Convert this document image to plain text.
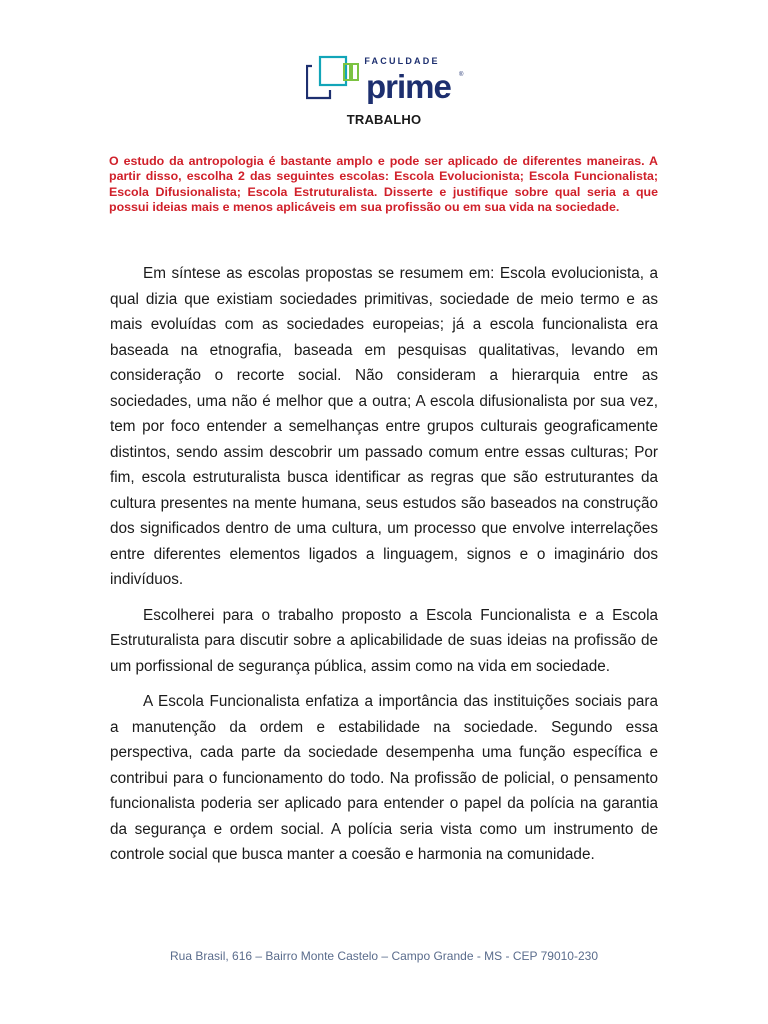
FACULDADE
prime ®
TRABALHO
O estudo da antropologia é bastante amplo e pode ser aplicado de diferentes maneiras. A partir disso, escolha 2 das seguintes escolas: Escola Evolucionista; Escola Funcionalista; Escola Difusionalista; Escola Estruturalista. Disserte e justifique sobre qual seria a que possui ideias mais e menos aplicáveis em sua profissão ou em sua vida na sociedade.

Em síntese as escolas propostas se resumem em: Escola evolucionista, a qual dizia que existiam sociedades primitivas, sociedade de meio termo e as mais evoluídas com as sociedades europeias; já a escola funcionalista era baseada na etnografia, baseada em pesquisas qualitativas, levando em consideração o recorte social. Não consideram a hierarquia entre as sociedades, uma não é melhor que a outra; A escola difusionalista por sua vez, tem por foco entender a semelhanças entre grupos culturais geograficamente distintos, sendo assim descobrir um passado comum entre essas culturas; Por fim, escola estruturalista busca identificar as regras que são estruturantes da cultura presentes na mente humana, seus estudos são baseados na construção dos significados dentro de uma cultura, um processo que envolve interrelações entre diferentes elementos ligados a linguagem, signos e o imaginário dos indivíduos.

Escolherei para o trabalho proposto a Escola Funcionalista e a Escola Estruturalista para discutir sobre a aplicabilidade de suas ideias na profissão de um porfissional de segurança pública, assim como na vida em sociedade.

A Escola Funcionalista enfatiza a importância das instituições sociais para a manutenção da ordem e estabilidade na sociedade. Segundo essa perspectiva, cada parte da sociedade desempenha uma função específica e contribui para o funcionamento do todo. Na profissão de policial, o pensamento funcionalista poderia ser aplicado para entender o papel da polícia na garantia da segurança e ordem social. A polícia seria vista como um instrumento de controle social que busca manter a coesão e harmonia na comunidade.

Rua Brasil, 616 – Bairro Monte Castelo – Campo Grande - MS - CEP 79010-230
